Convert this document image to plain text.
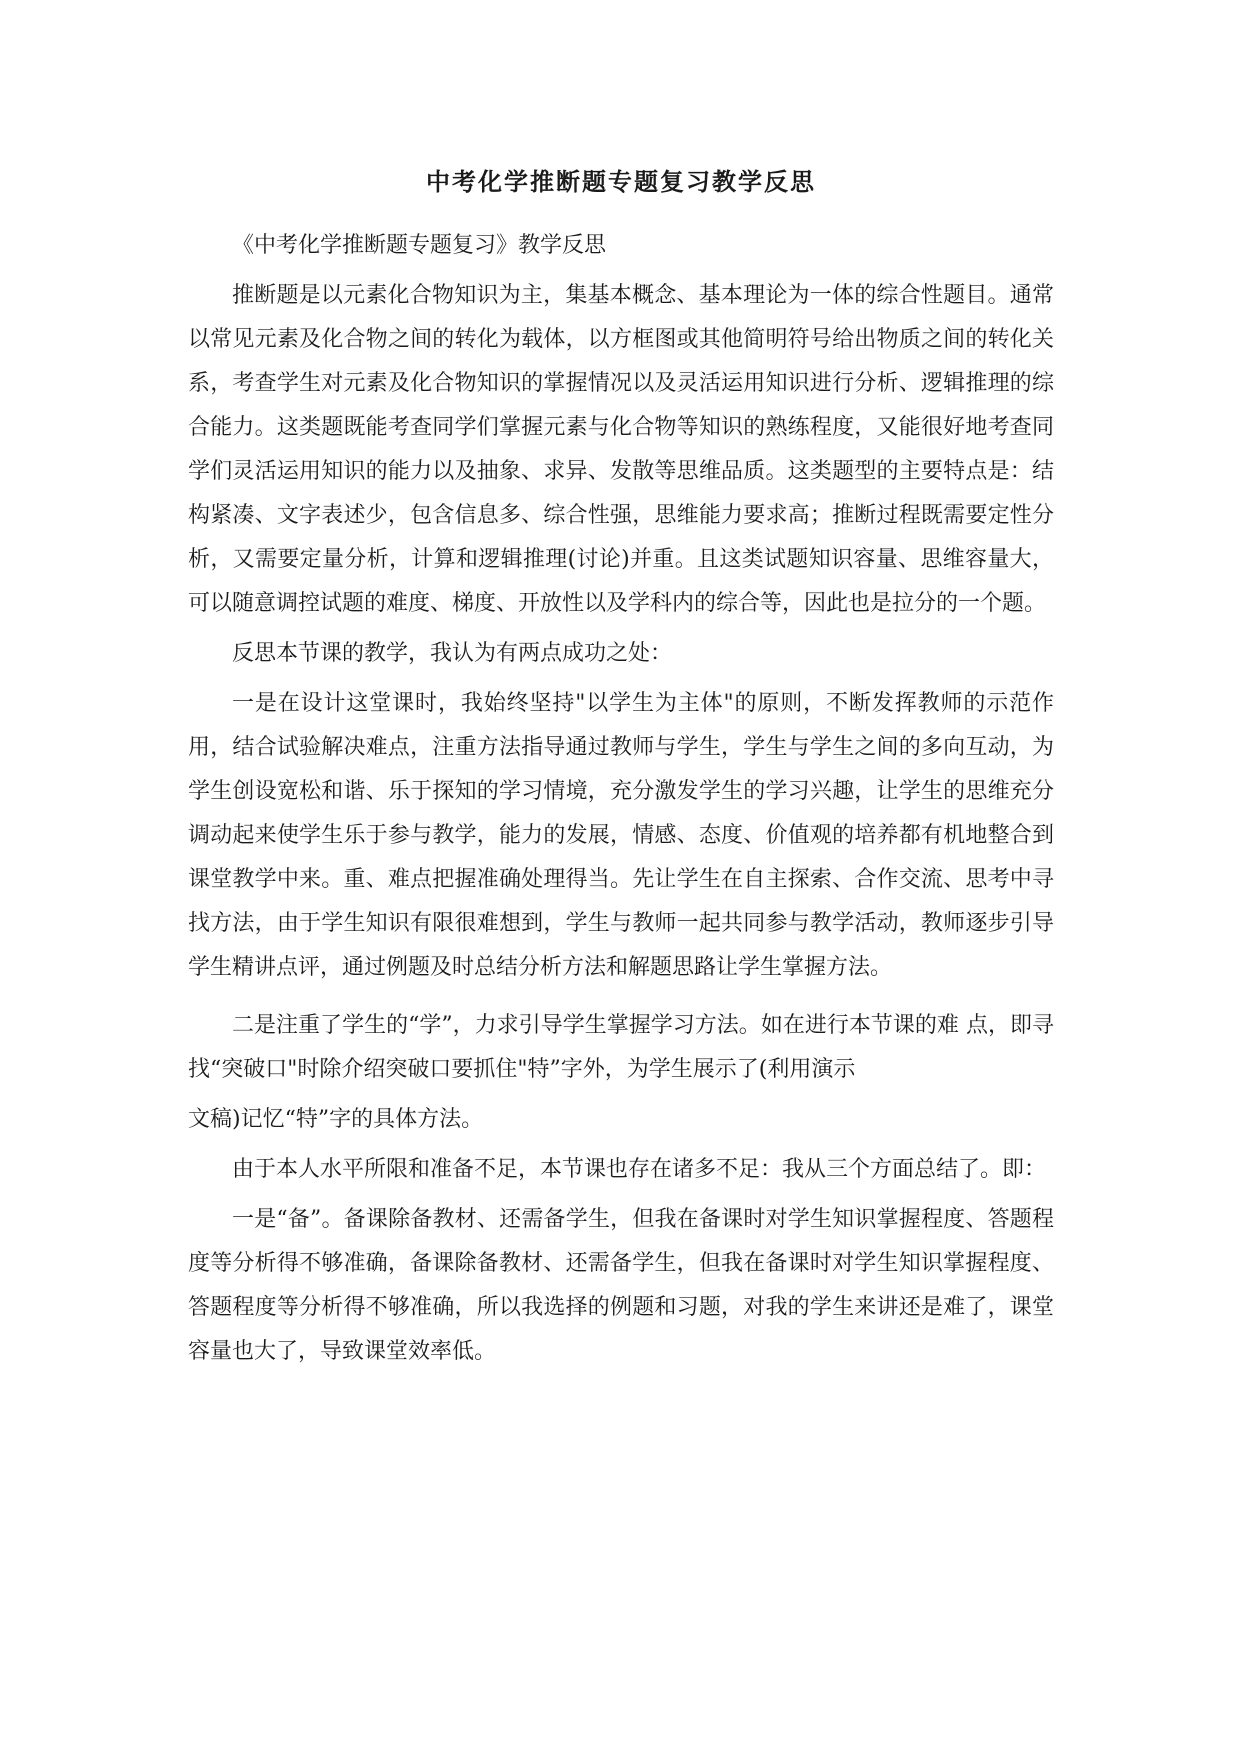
中考化学推断题专题复习教学反思

《中考化学推断题专题复习》教学反思

推断题是以元素化合物知识为主，集基本概念、基本理论为一体的综合性题目。通常以常见元素及化合物之间的转化为载体，以方框图或其他简明符号给出物质之间的转化关系，考查学生对元素及化合物知识的掌握情况以及灵活运用知识进行分析、逻辑推理的综合能力。这类题既能考查同学们掌握元素与化合物等知识的熟练程度，又能很好地考查同学们灵活运用知识的能力以及抽象、求异、发散等思维品质。这类题型的主要特点是：结构紧凑、文字表述少，包含信息多、综合性强，思维能力要求高；推断过程既需要定性分析，又需要定量分析，计算和逻辑推理(讨论)并重。且这类试题知识容量、思维容量大，可以随意调控试题的难度、梯度、开放性以及学科内的综合等，因此也是拉分的一个题。

反思本节课的教学，我认为有两点成功之处：

一是在设计这堂课时，我始终坚持"以学生为主体"的原则，不断发挥教师的示范作用，结合试验解决难点，注重方法指导通过教师与学生，学生与学生之间的多向互动，为学生创设宽松和谐、乐于探知的学习情境，充分激发学生的学习兴趣，让学生的思维充分调动起来使学生乐于参与教学，能力的发展，情感、态度、价值观的培养都有机地整合到课堂教学中来。重、难点把握准确处理得当。先让学生在自主探索、合作交流、思考中寻找方法，由于学生知识有限很难想到，学生与教师一起共同参与教学活动，教师逐步引导学生精讲点评，通过例题及时总结分析方法和解题思路让学生掌握方法。

二是注重了学生的“学”，力求引导学生掌握学习方法。如在进行本节课的难 点，即寻找“突破口"时除介绍突破口要抓住"特”字外，为学生展示了(利用演示

文稿)记忆“特”字的具体方法。

由于本人水平所限和准备不足，本节课也存在诸多不足：我从三个方面总结了。即：

一是“备”。备课除备教材、还需备学生，但我在备课时对学生知识掌握程度、答题程度等分析得不够准确，备课除备教材、还需备学生，但我在备课时对学生知识掌握程度、答题程度等分析得不够准确，所以我选择的例题和习题，对我的学生来讲还是难了，课堂容量也大了，导致课堂效率低。
